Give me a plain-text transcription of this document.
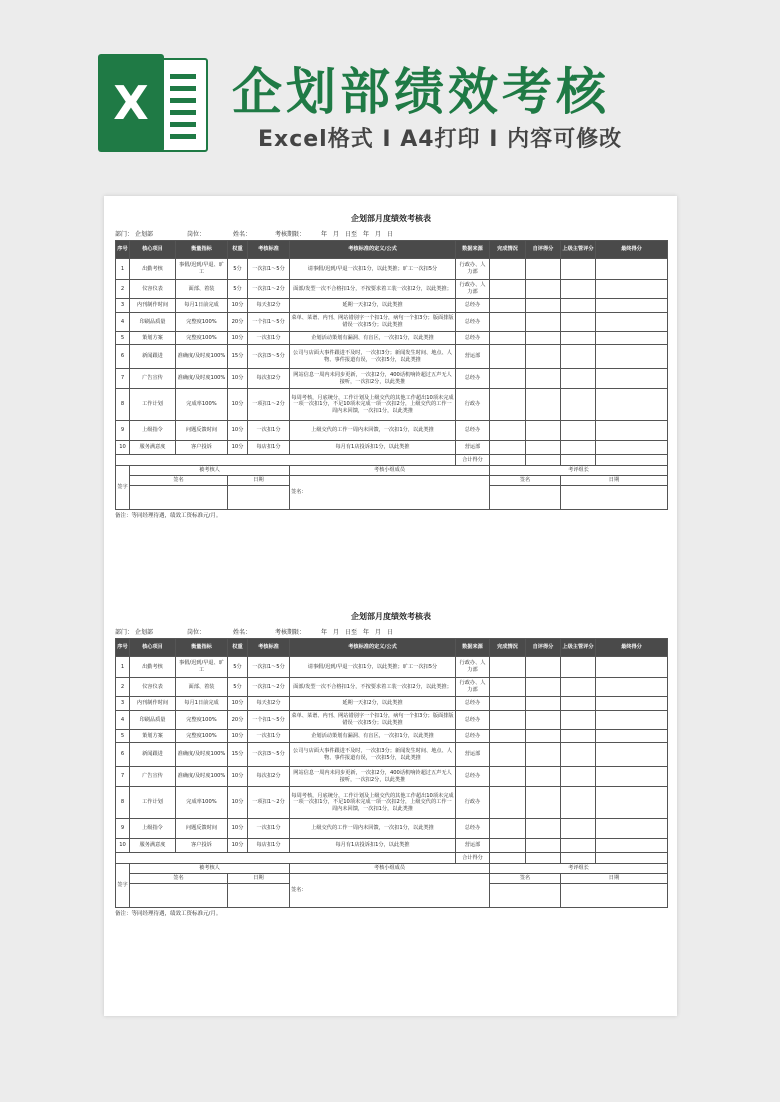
X	企划部绩效考核
Excel格式 I A4打印 I 内容可修改
企划部月度绩效考核表
部门： 企划部	岗位：	姓名：	考核期限：	年　月　日至　年　月　日
序号	核心项目	衡量指标	权重	考核标准	考核标准的定义/公式	数据来源	完成情况	自评得分	上级主管评分	最终得分
1	出勤考核	事假/迟到/早退、旷工	5分	一次扣1～5分	请事假/迟到/早退一次扣1分，以此类推；旷工一次扣5分	行政办、人力部				
2	仪容仪表	面部、着装	5分	一次扣1～2分	面部/发型一次不合格扣1分，不按要求着工装一次扣2分，以此类推；	行政办、人力部				
3	内刊制作时间	每月1日前完成	10分	每天扣2分	延期一天扣2分，以此类推	总经办				
4	印刷品质量	完整度100%	20分	一个扣1～5分	菜单、菜谱、内刊、网站错别字一个扣1分，病句一个扣3分；版面排版错误一次扣5分；以此类推	总经办				
5	策划方案	完整度100%	10分	一次扣1分	企划活动策划有漏洞、有盲区，一次扣1分，以此类推	总经办				
6	新闻跟进	准确度/及时度100%	15分	一次扣3～5分	公司与店面大事件跟进不及时，一次扣3分；新闻发生时间、地点、人物、事件报道有误，一次扣5分，以此类推	营运部				
7	广告宣传	准确度/及时度100%	10分	每次扣2分	网站信息一周内未同步更新，一次扣2分，400话机响铃超过五声无人接听，一次扣2分，以此类推	总经办				
8	工作计划	完成率100%	10分	一项扣1～2分	每周考核，月底统分，工作计划及上级交代的其他工作超出10项未完成一项一次扣1分，不足10项未完成一项一次扣2分，上级交代的工作一周内未回馈，一次扣1分，以此类推	行政办				
9	上级指令	问题反馈时间	10分	一次扣1分	上级交代的工作一周内未回馈，一次扣1分，以此类推	总经办				
10	服务满意度	客户投诉	10分	每店扣1分	每月有1店投诉扣1分，以此类推	营运部				
						合计得分				
签字	被考核人				考核小组成员		考评组长			
	签名		日期		签名：		签名		日期	

备注：等同经理待遇，绩效工资标准元/月。
企划部月度绩效考核表
部门： 企划部	岗位：	姓名：	考核期限：	年　月　日至　年　月　日
序号	核心项目	衡量指标	权重	考核标准	考核标准的定义/公式	数据来源	完成情况	自评得分	上级主管评分	最终得分
1	出勤考核	事假/迟到/早退、旷工	5分	一次扣1～5分	请事假/迟到/早退一次扣1分，以此类推；旷工一次扣5分	行政办、人力部				
2	仪容仪表	面部、着装	5分	一次扣1～2分	面部/发型一次不合格扣1分，不按要求着工装一次扣2分，以此类推；	行政办、人力部				
3	内刊制作时间	每月1日前完成	10分	每天扣2分	延期一天扣2分，以此类推	总经办				
4	印刷品质量	完整度100%	20分	一个扣1～5分	菜单、菜谱、内刊、网站错别字一个扣1分，病句一个扣3分；版面排版错误一次扣5分；以此类推	总经办				
5	策划方案	完整度100%	10分	一次扣1分	企划活动策划有漏洞、有盲区，一次扣1分，以此类推	总经办				
6	新闻跟进	准确度/及时度100%	15分	一次扣3～5分	公司与店面大事件跟进不及时，一次扣3分；新闻发生时间、地点、人物、事件报道有误，一次扣5分，以此类推	营运部				
7	广告宣传	准确度/及时度100%	10分	每次扣2分	网站信息一周内未同步更新，一次扣2分，400话机响铃超过五声无人接听，一次扣2分，以此类推	总经办				
8	工作计划	完成率100%	10分	一项扣1～2分	每周考核，月底统分，工作计划及上级交代的其他工作超出10项未完成一项一次扣1分，不足10项未完成一项一次扣2分，上级交代的工作一周内未回馈，一次扣1分，以此类推	行政办				
9	上级指令	问题反馈时间	10分	一次扣1分	上级交代的工作一周内未回馈，一次扣1分，以此类推	总经办				
10	服务满意度	客户投诉	10分	每店扣1分	每月有1店投诉扣1分，以此类推	营运部				
						合计得分				
签字	被考核人				考核小组成员		考评组长			
	签名		日期		签名：		签名		日期	

备注：等同经理待遇，绩效工资标准元/月。
